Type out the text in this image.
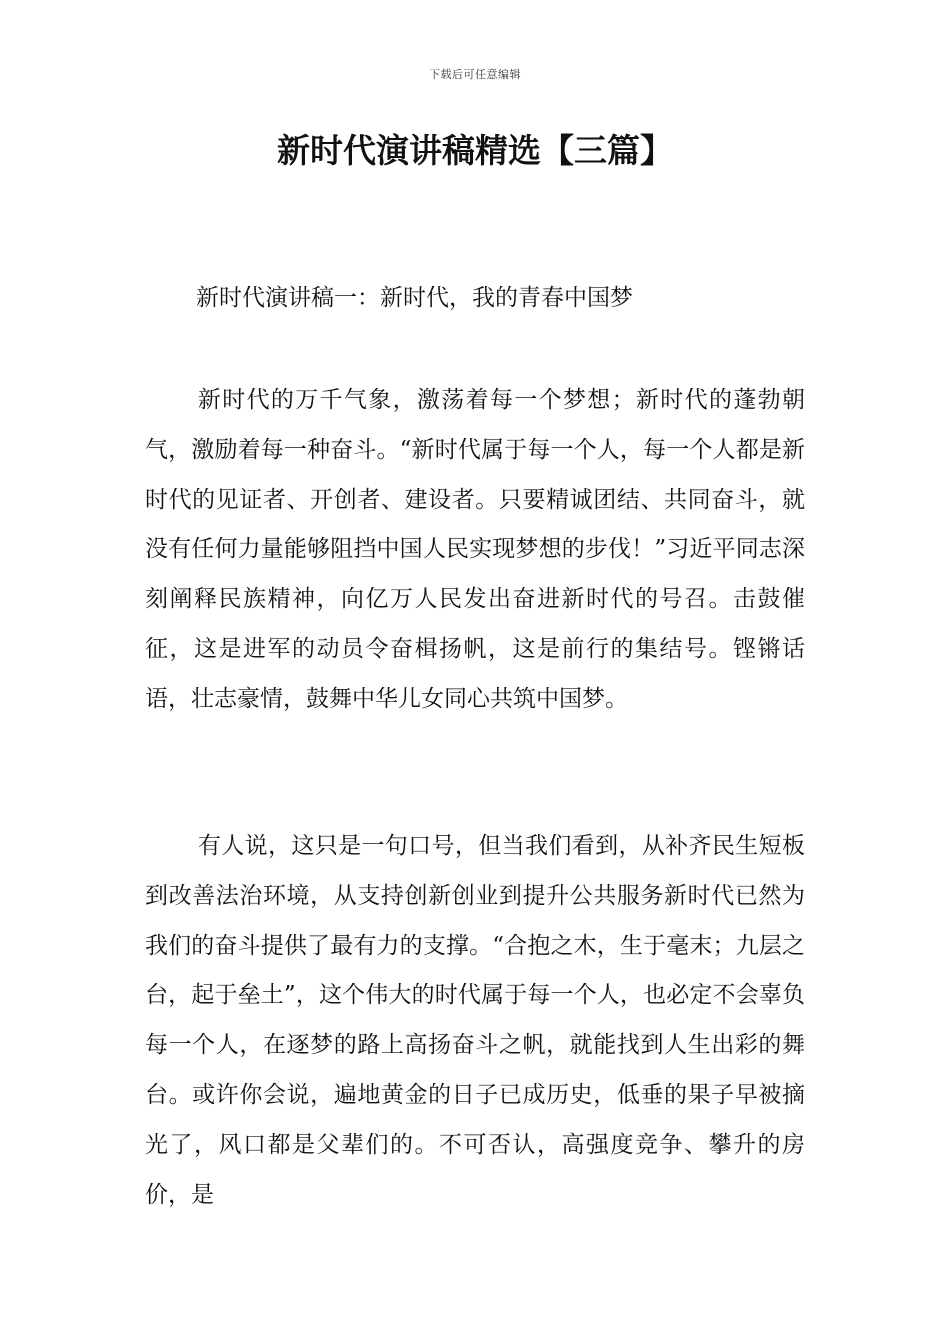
下载后可任意编辑
新时代演讲稿精选【三篇】

新时代演讲稿一：新时代，我的青春中国梦

新时代的万千气象，激荡着每一个梦想；新时代的蓬勃朝气，激励着每一种奋斗。“新时代属于每一个人，每一个人都是新时代的见证者、开创者、建设者。只要精诚团结、共同奋斗，就没有任何力量能够阻挡中国人民实现梦想的步伐！”习近平同志深刻阐释民族精神，向亿万人民发出奋进新时代的号召。击鼓催征，这是进军的动员令奋楫扬帆，这是前行的集结号。铿锵话语，壮志豪情，鼓舞中华儿女同心共筑中国梦。

有人说，这只是一句口号，但当我们看到，从补齐民生短板到改善法治环境，从支持创新创业到提升公共服务新时代已然为我们的奋斗提供了最有力的支撑。“合抱之木，生于毫末；九层之台，起于垒土”，这个伟大的时代属于每一个人，也必定不会辜负每一个人，在逐梦的路上高扬奋斗之帆，就能找到人生出彩的舞台。或许你会说，遍地黄金的日子已成历史，低垂的果子早被摘光了，风口都是父辈们的。不可否认，高强度竞争、攀升的房价，是
